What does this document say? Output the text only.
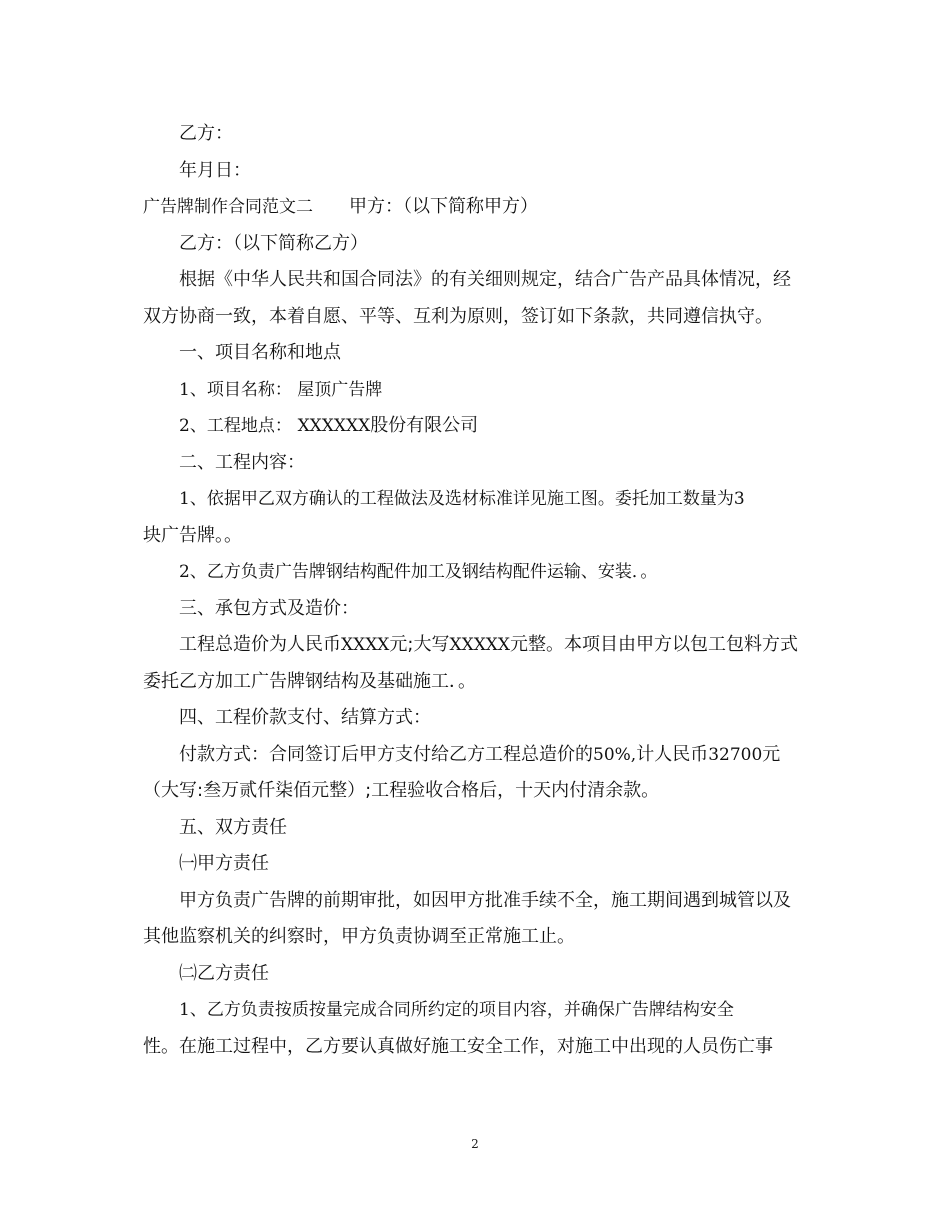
乙方：

年月日：

广告牌制作合同范文二 甲方：（以下简称甲方）

乙方：（以下简称乙方）

根据《中华人民共和国合同法》的有关细则规定，结合广告产品具体情况，经双方协商一致，本着自愿、平等、互利为原则，签订如下条款，共同遵信执守。

一、项目名称和地点

1、项目名称： 屋顶广告牌

2、工程地点： XXXXXX股份有限公司

二、工程内容：

1、依据甲乙双方确认的工程做法及选材标准详见施工图。委托加工数量为3

块广告牌。。

2、乙方负责广告牌钢结构配件加工及钢结构配件运输、安装．。

三、承包方式及造价：

工程总造价为人民币XXXX元;大写XXXXX元整。本项目由甲方以包工包料方式委托乙方加工广告牌钢结构及基础施工．。

四、工程价款支付、结算方式：

付款方式：合同签订后甲方支付给乙方工程总造价的50%,计人民币32700元（大写:叁万贰仟柒佰元整）;工程验收合格后，十天内付清余款。

五、双方责任

㈠甲方责任

甲方负责广告牌的前期审批，如因甲方批准手续不全，施工期间遇到城管以及其他监察机关的纠察时，甲方负责协调至正常施工止。

㈡乙方责任

1、乙方负责按质按量完成合同所约定的项目内容，并确保广告牌结构安全

性。在施工过程中，乙方要认真做好施工安全工作，对施工中出现的人员伤亡事

2
